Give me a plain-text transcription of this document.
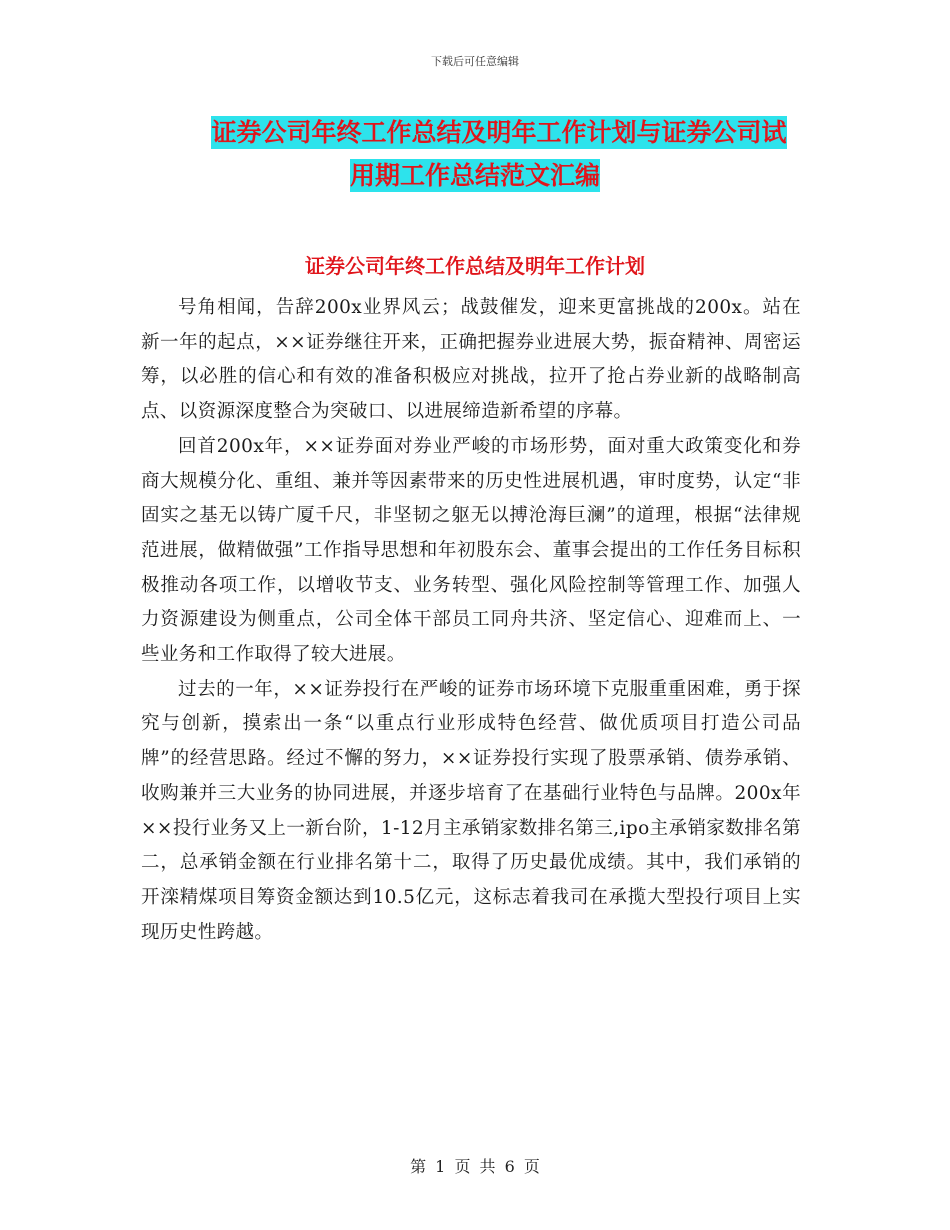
下载后可任意编辑
证券公司年终工作总结及明年工作计划与证券公司试
用期工作总结范文汇编
证券公司年终工作总结及明年工作计划

号角相闻，告辞200x业界风云；战鼓催发，迎来更富挑战的200x。站在新一年的起点，××证券继往开来，正确把握券业进展大势，振奋精神、周密运筹，以必胜的信心和有效的准备积极应对挑战，拉开了抢占券业新的战略制高点、以资源深度整合为突破口、以进展缔造新希望的序幕。

回首200x年，××证券面对券业严峻的市场形势，面对重大政策变化和券商大规模分化、重组、兼并等因素带来的历史性进展机遇，审时度势，认定“非固实之基无以铸广厦千尺，非坚韧之躯无以搏沧海巨澜”的道理，根据“法律规范进展，做精做强”工作指导思想和年初股东会、董事会提出的工作任务目标积极推动各项工作，以增收节支、业务转型、强化风险控制等管理工作、加强人力资源建设为侧重点，公司全体干部员工同舟共济、坚定信心、迎难而上、一些业务和工作取得了较大进展。

过去的一年，××证券投行在严峻的证券市场环境下克服重重困难，勇于探究与创新，摸索出一条“以重点行业形成特色经营、做优质项目打造公司品牌”的经营思路。经过不懈的努力，××证券投行实现了股票承销、债券承销、收购兼并三大业务的协同进展，并逐步培育了在基础行业特色与品牌。200x年××投行业务又上一新台阶，1-12月主承销家数排名第三,ipo主承销家数排名第二，总承销金额在行业排名第十二，取得了历史最优成绩。其中，我们承销的开滦精煤项目筹资金额达到10.5亿元，这标志着我司在承揽大型投行项目上实现历史性跨越。

第 1 页 共 6 页
